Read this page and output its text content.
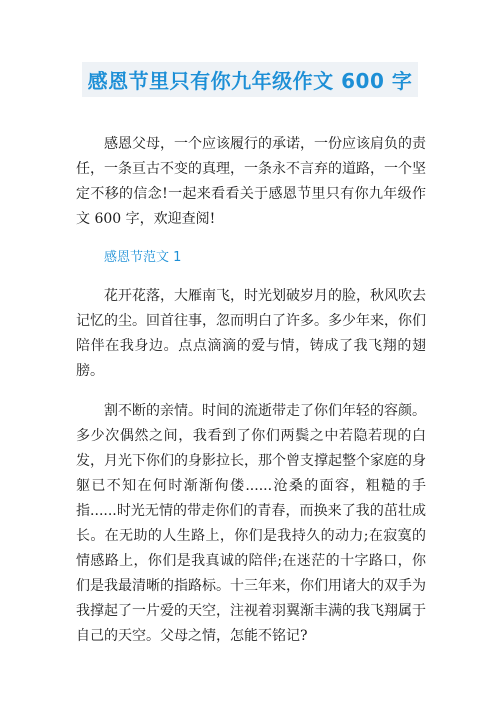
感恩节里只有你九年级作文 600 字

感恩父母，一个应该履行的承诺，一份应该肩负的责任，一条亘古不变的真理，一条永不言弃的道路，一个坚定不移的信念!一起来看看关于感恩节里只有你九年级作文 600 字，欢迎查阅!

感恩节范文 1

花开花落，大雁南飞，时光划破岁月的脸，秋风吹去记忆的尘。回首往事，忽而明白了许多。多少年来，你们陪伴在我身边。点点滴滴的爱与情，铸成了我飞翔的翅膀。

割不断的亲情。时间的流逝带走了你们年轻的容颜。多少次偶然之间，我看到了你们两鬓之中若隐若现的白发，月光下你们的身影拉长，那个曾支撑起整个家庭的身躯已不知在何时渐渐佝偻......沧桑的面容，粗糙的手指......时光无情的带走你们的青春，而换来了我的茁壮成长。在无助的人生路上，你们是我持久的动力;在寂寞的情感路上，你们是我真诚的陪伴;在迷茫的十字路口，你们是我最清晰的指路标。十三年来，你们用诸大的双手为我撑起了一片爱的天空，注视着羽翼渐丰满的我飞翔属于自己的天空。父母之情，怎能不铭记?
